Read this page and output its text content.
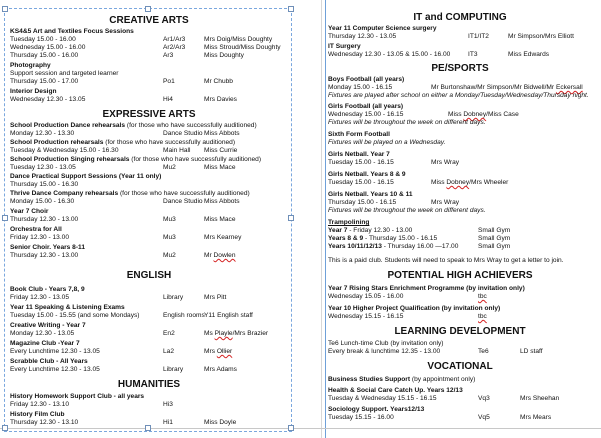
CREATIVE ARTS
KS4&5 Art and Textiles Focus Sessions
Tuesday 15.00 - 16.00	Ar1/Ar3	Mrs Doig/Miss Doughty
Wednesday 15.00 - 16.00	Ar2/Ar3	Miss Stroud/Miss Doughty
Thursday 15.00 - 16.00	Ar3	Miss Doughty
Photography
Support session and targeted learner
Thursday 15.00 - 17.00	Po1	Mr Chubb
Interior Design
Wednesday 12.30 - 13.05	Hi4	Mrs Davies
EXPRESSIVE ARTS
School Production Dance rehearsals (for those who have successfully auditioned)
Monday 12.30 - 13.30	Dance Studio Miss Abbots
School Production rehearsals (for those who have successfully auditioned)
Tuesday & Wednesday 15.00 - 16.30	Main Hall Miss Currie
School Production Singing rehearsals (for those who have successfully auditioned)
Tuesday 12.30 - 13.05	Mu2	Miss Mace
Dance Practical Support Sessions (Year 11 only)
Thursday 15.00 - 16.30
Thrive Dance Company rehearsals (for those who have successfully auditioned)
Monday 15.00 - 16.30	Dance Studio Miss Abbots
Year 7 Choir
Thursday 12.30 - 13.00	Mu3	Miss Mace
Orchestra for All
Friday 12.30 - 13.00	Mu3	Mrs Kearney
Senior Choir. Years 8-11
Thursday 12.30 - 13.00	Mu2	Mr Dowlen
ENGLISH
Book Club - Years 7,8, 9
Friday 12.30 - 13.05	Library	Mrs Pitt
Year 11 Speaking & Listening Exams
Tuesday 15.00 - 15.55 (and some Mondays)	English rooms Y11 English staff
Creative Writing - Year 7
Monday 12.30 - 13.05	En2	Ms Playle/Mrs Brazier
Magazine Club -Year 7
Every Lunchtime 12.30 - 13.05	La2	Mrs Ollier
Scrabble Club - All Years
Every Lunchtime 12.30 - 13.05	Library	Mrs Adams
HUMANITIES
History Homework Support Club - all years
Friday 12.30 - 13.10	Hi3
History Film Club
Thursday 12.30 - 13.10	Hi1	Miss Doyle
IT and COMPUTING
Year 11 Computer Science surgery
Thursday 12.30 - 13.05	IT1/IT2	Mr Simpson/Mrs Elliott
IT Surgery
Wednesday 12.30 - 13.05 & 15.00 - 16.00	IT3	Miss Edwards
PE/SPORTS
Boys Football (all years)
Monday 15.00 - 16.15	Mr Burtonshaw/Mr Simpson/Mr Bidwell/Mr Eckersall
Fixtures are played after school on either a Monday/Tuesday/Wednesday/Thursday night.
Girls Football (all years)
Wednesday 15.00 - 16.15	Miss Dobney/Miss Case
Fixtures will be throughout the week on different days.
Sixth Form Football
Fixtures will be played on a Wednesday.
Girls Netball. Year 7
Tuesday 15.00 - 16.15	Mrs Wray
Girls Netball. Years 8 & 9
Tuesday 15.00 - 16.15	Miss Dobney/Mrs Wheeler
Girls Netball. Years 10 & 11
Thursday 15.00 - 16.15	Mrs Wray
Fixtures will be throughout the week on different days.
Trampolining
Year 7 - Friday 12.30 - 13.00	Small Gym
Years 8 & 9 - Thursday 15.00 - 16.15	Small Gym
Years 10/11/12/13 - Thursday 16.00 —17.00	Small Gym
This is a paid club. Students will need to speak to Mrs Wray to get a letter to join.
POTENTIAL HIGH ACHIEVERS
Year 7 Rising Stars Enrichment Programme (by invitation only)
Wednesday 15.05 - 16.00	tbc
Year 10 Higher Project Qualification (by invitation only)
Wednesday 15.15 - 16.15	tbc
LEARNING DEVELOPMENT
Te6 Lunch-time Club (by invitation only)
Every break & lunchtime 12.35 - 13.00	Te6	LD staff
VOCATIONAL
Business Studies Support (by appointment only)
Health & Social Care Catch Up. Years 12/13
Tuesday & Wednesday 15.15 - 16.15	Vq3	Mrs Sheehan
Sociology Support. Years12/13
Tuesday 15.15 - 16.00	Vq5	Mrs Mears
